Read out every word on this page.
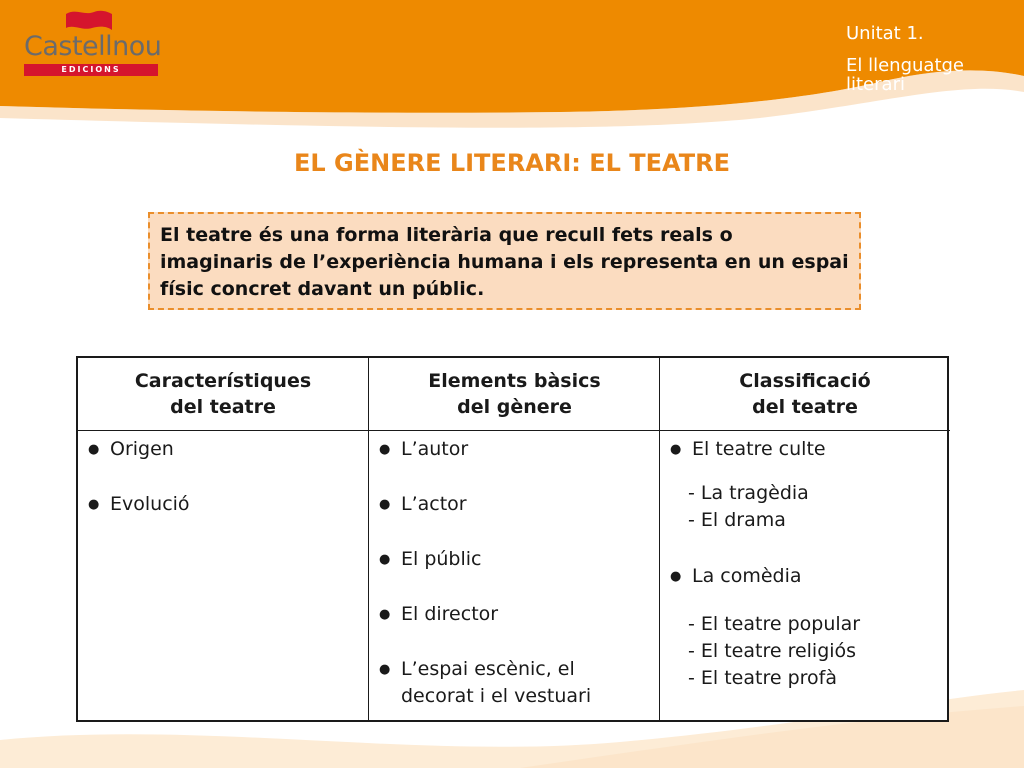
Castellnou
EDICIONS
Unitat 1.
El llenguatge literari
EL GÈNERE LITERARI: EL TEATRE
El teatre és una forma literària que recull fets reals o imaginaris de l’experiència humana i els representa en un espai físic concret davant un públic.
Característiques
del teatre
● Origen
● Evolució
Elements bàsics
del gènere
● L’autor
● L’actor
● El públic
● El director
● L’espai escènic, el decorat i el vestuari
Classificació
del teatre
● El teatre culte
- La tragèdia
- El drama
● La comèdia
- El teatre popular
- El teatre religiós
- El teatre profà
